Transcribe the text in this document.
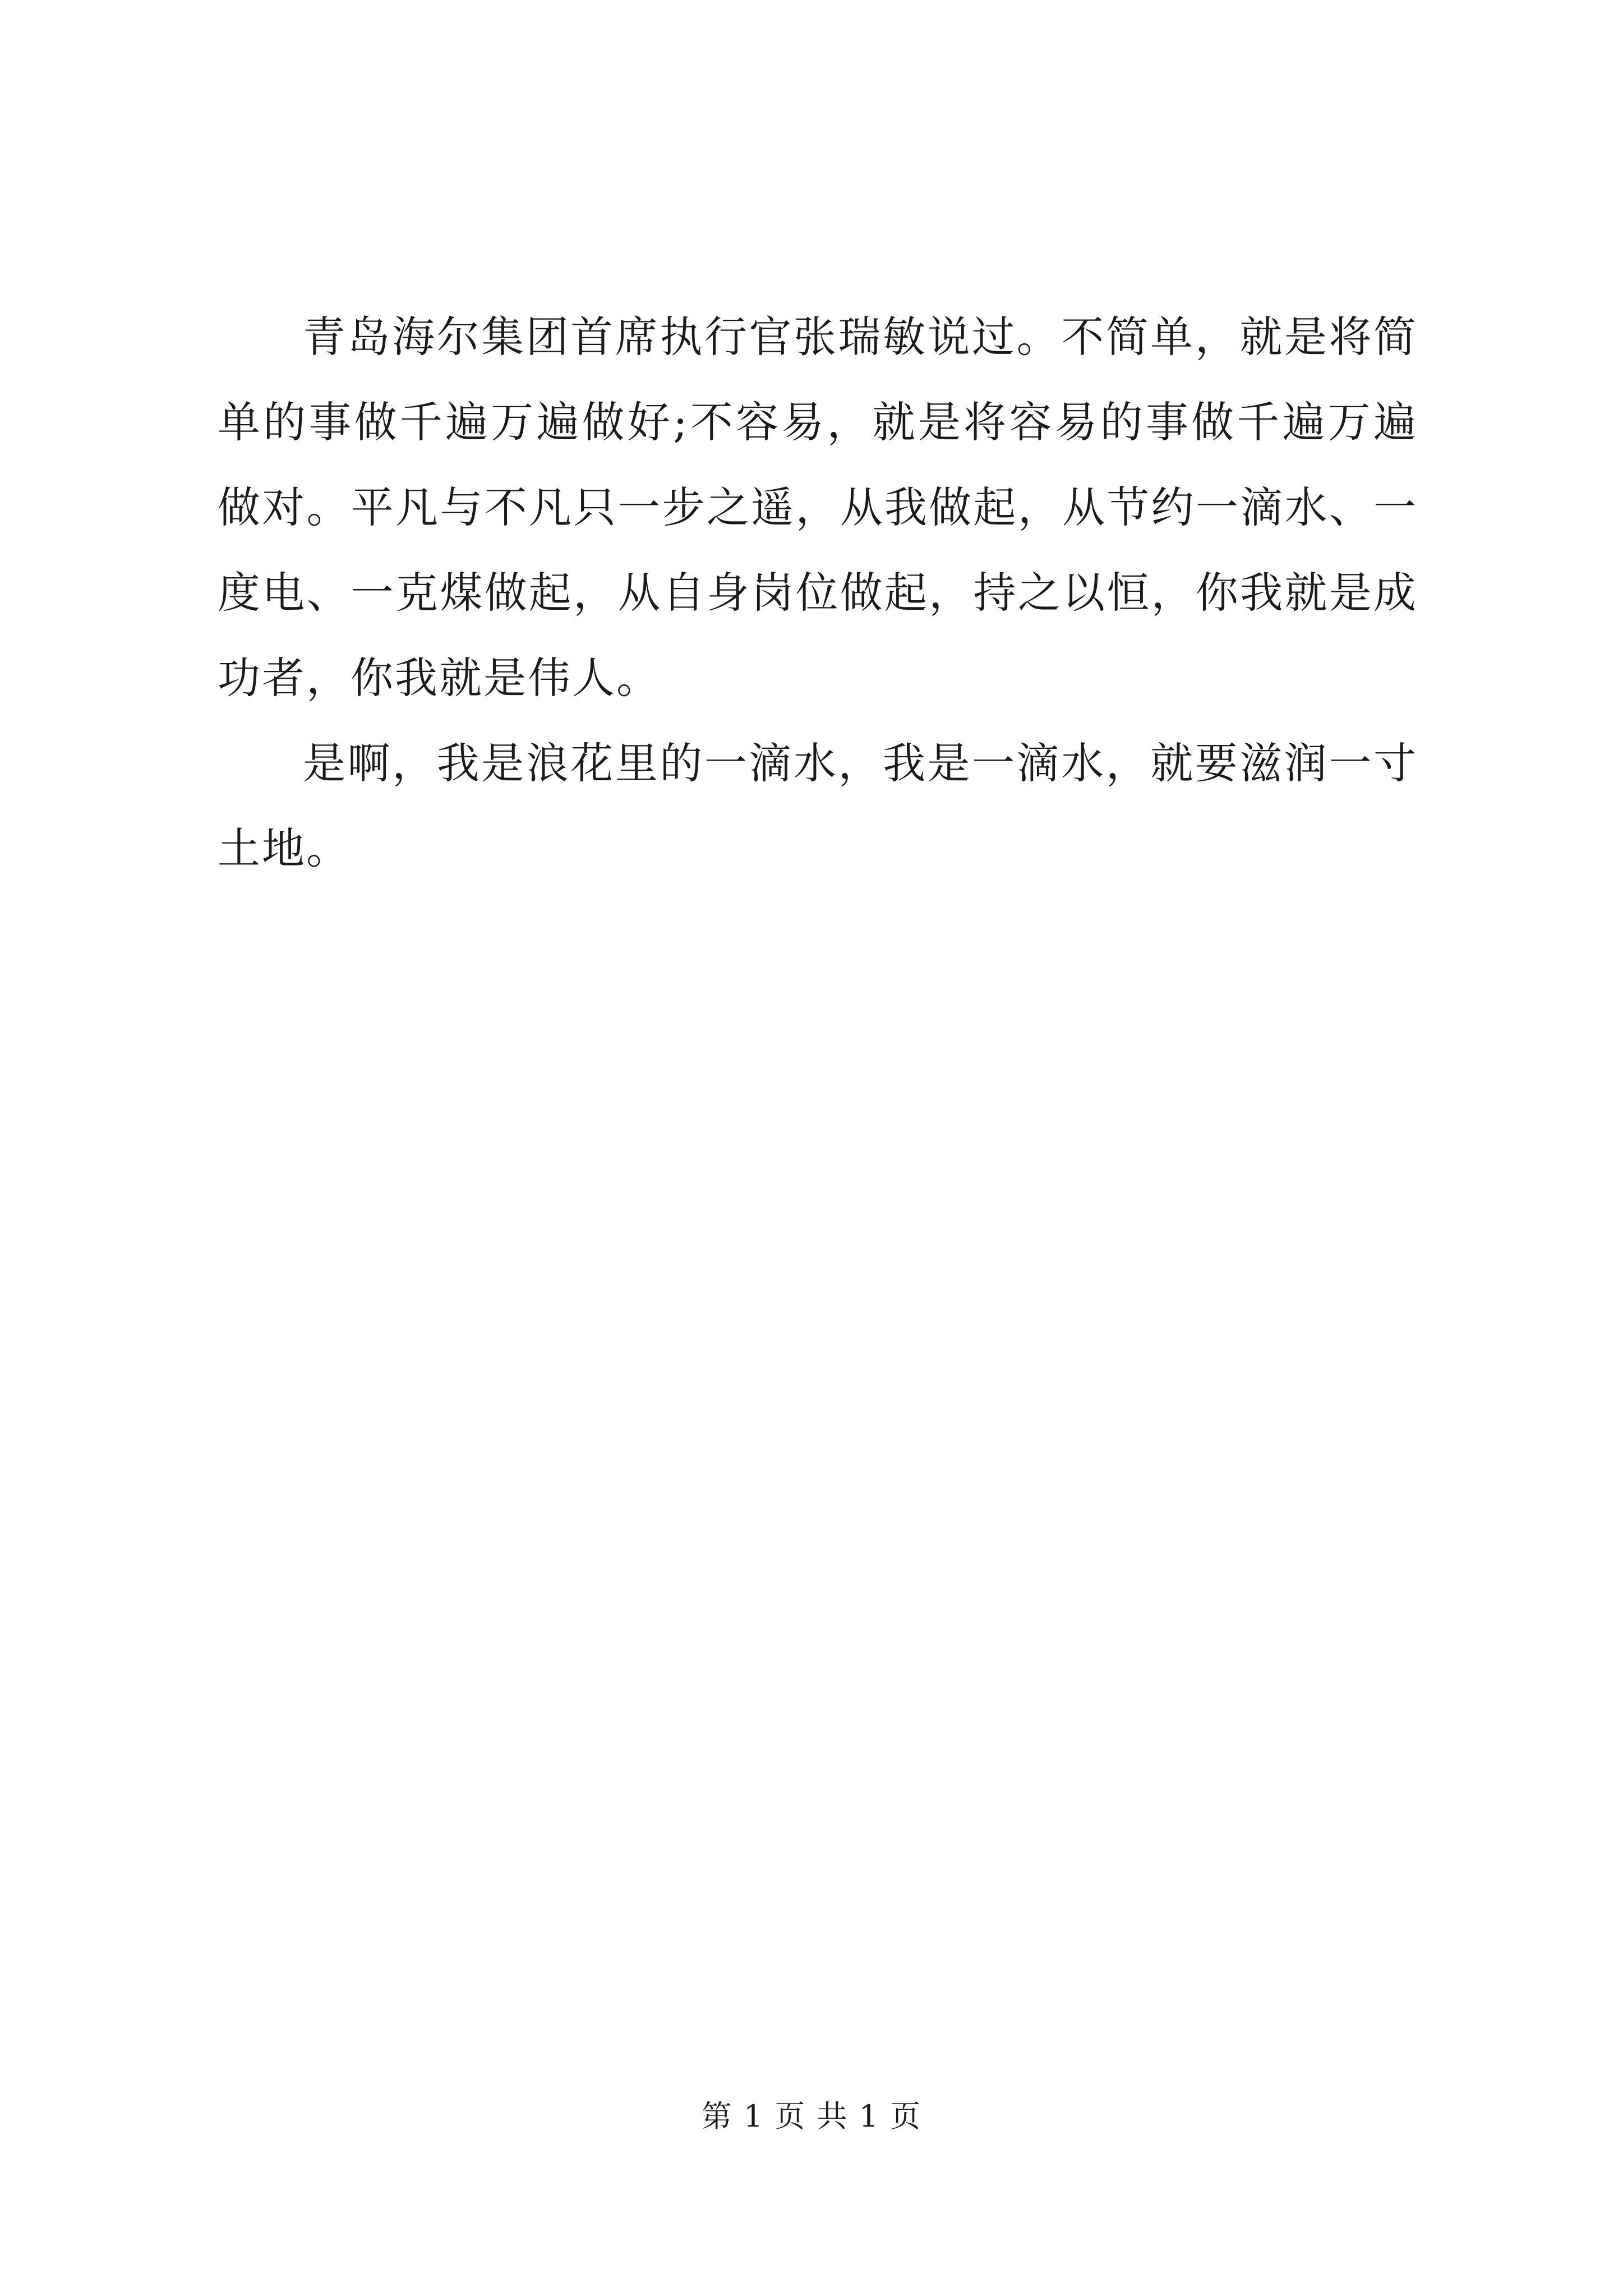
青岛海尔集团首席执行官张瑞敏说过。不简单，就是将简单的事做千遍万遍做好;不容易，就是将容易的事做千遍万遍做对。平凡与不凡只一步之遥，从我做起，从节约一滴水、一度电、一克煤做起，从自身岗位做起，持之以恒，你我就是成功者，你我就是伟人。

是啊，我是浪花里的一滴水，我是一滴水，就要滋润一寸土地。

第 1 页 共 1 页
